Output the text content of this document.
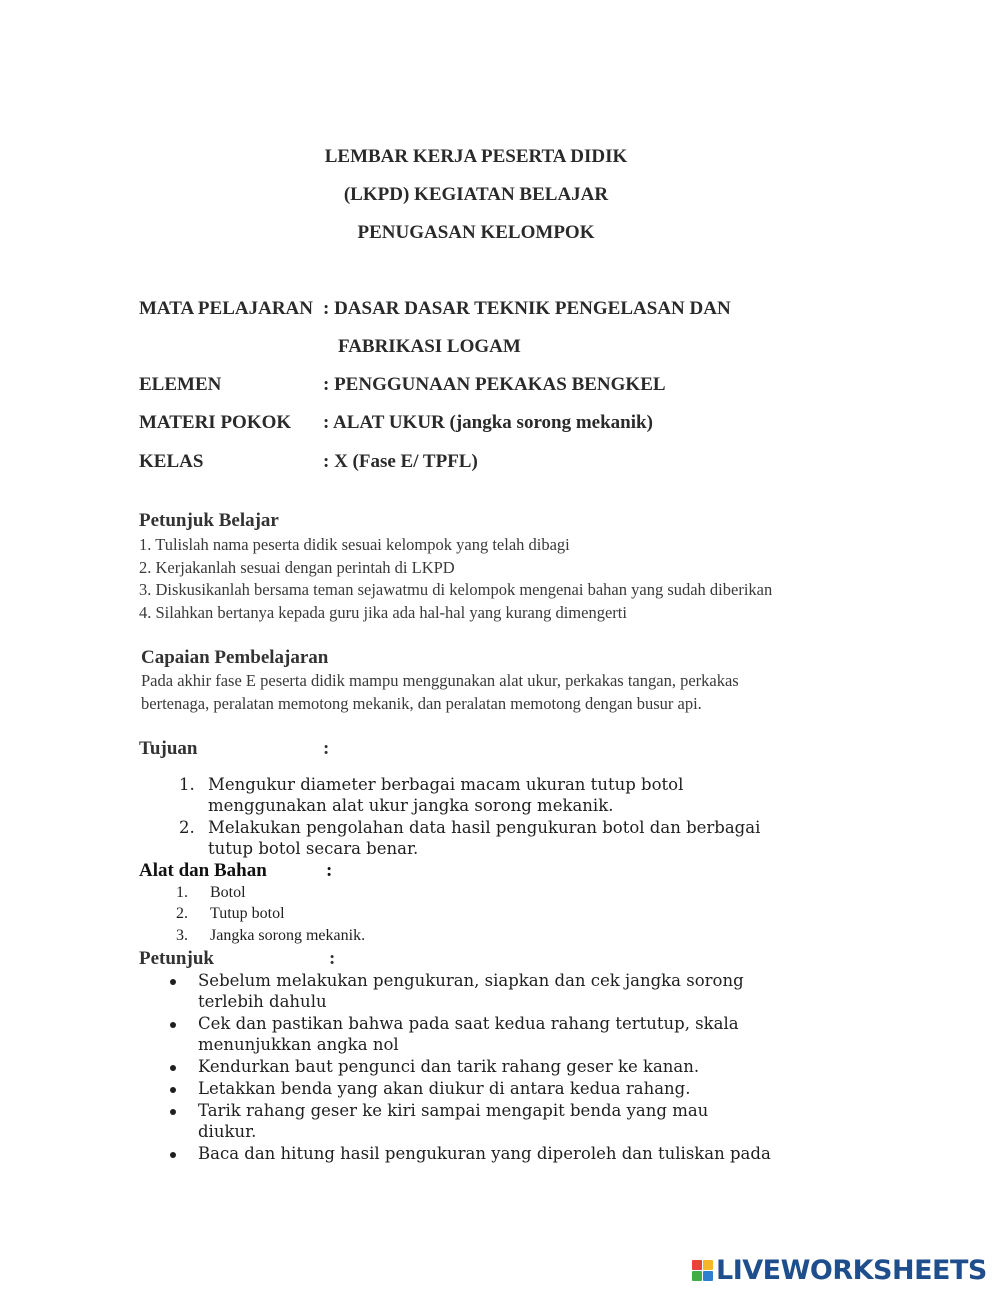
LEMBAR KERJA PESERTA DIDIK
(LKPD) KEGIATAN BELAJAR
PENUGASAN KELOMPOK
MATA PELAJARAN : DASAR DASAR TEKNIK PENGELASAN DAN
FABRIKASI LOGAM
ELEMEN	: PENGGUNAAN PEKAKAS BENGKEL
MATERI POKOK : ALAT UKUR (jangka sorong mekanik)
KELAS	: X (Fase E/ TPFL)
Petunjuk Belajar
1. Tulislah nama peserta didik sesuai kelompok yang telah dibagi
2. Kerjakanlah sesuai dengan perintah di LKPD
3. Diskusikanlah bersama teman sejawatmu di kelompok mengenai bahan yang sudah diberikan
4. Silahkan bertanya kepada guru jika ada hal-hal yang kurang dimengerti
Capaian Pembelajaran
Pada akhir fase E peserta didik mampu menggunakan alat ukur, perkakas tangan, perkakas
bertenaga, peralatan memotong mekanik, dan peralatan memotong dengan busur api.
Tujuan	:
1. Mengukur diameter berbagai macam ukuran tutup botol
menggunakan alat ukur jangka sorong mekanik.
2. Melakukan pengolahan data hasil pengukuran botol dan berbagai
tutup botol secara benar.
Alat dan Bahan	:
1. Botol
2. Tutup botol
3. Jangka sorong mekanik.
Petunjuk	:
Sebelum melakukan pengukuran, siapkan dan cek jangka sorong
terlebih dahulu
Cek dan pastikan bahwa pada saat kedua rahang tertutup, skala
menunjukkan angka nol
Kendurkan baut pengunci dan tarik rahang geser ke kanan.
Letakkan benda yang akan diukur di antara kedua rahang.
Tarik rahang geser ke kiri sampai mengapit benda yang mau
diukur.
Baca dan hitung hasil pengukuran yang diperoleh dan tuliskan pada
LIVEWORKSHEETS
